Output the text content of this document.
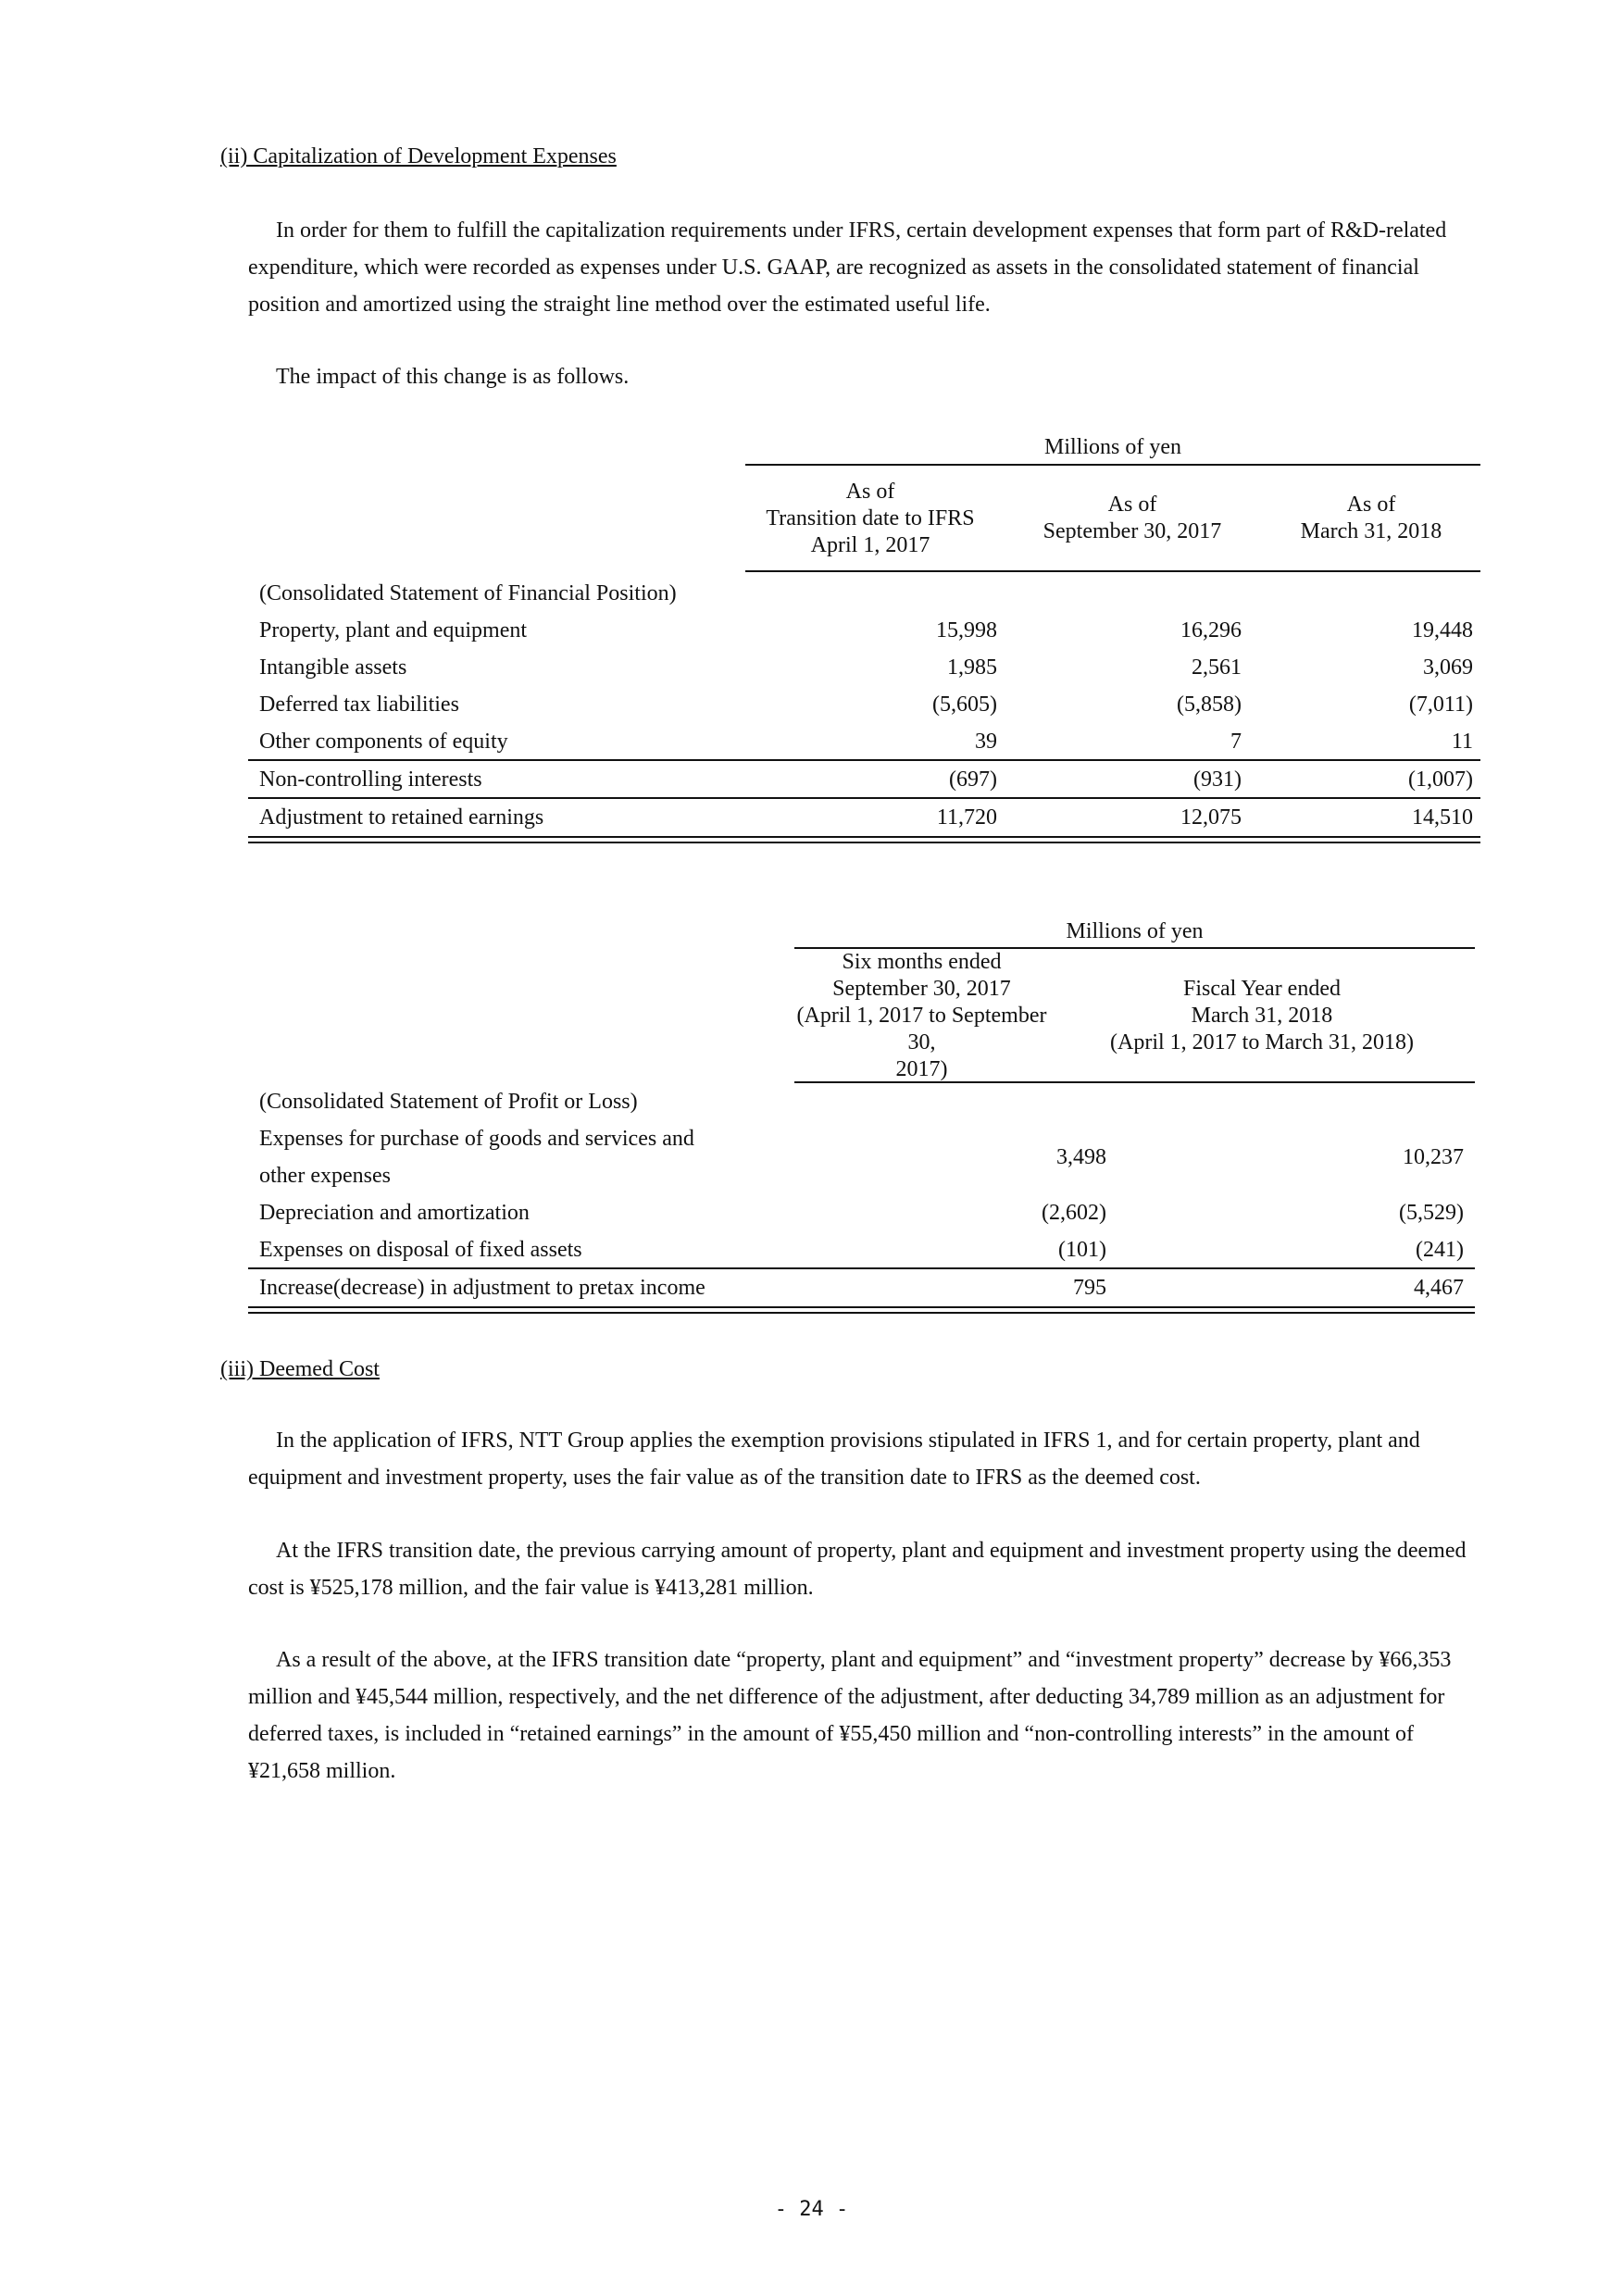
(ii) Capitalization of Development Expenses
In order for them to fulfill the capitalization requirements under IFRS, certain development expenses that form part of R&D-related expenditure, which were recorded as expenses under U.S. GAAP, are recognized as assets in the consolidated statement of financial position and amortized using the straight line method over the estimated useful life.
The impact of this change is as follows.
Millions of yen
As of
Transition date to IFRS
April 1, 2017
As of
September 30, 2017
As of
March 31, 2018
(Consolidated Statement of Financial Position)
Property, plant and equipment	15,998	16,296	19,448
Intangible assets	1,985	2,561	3,069
Deferred tax liabilities	(5,605)	(5,858)	(7,011)
Other components of equity	39	7	11
Non-controlling interests	(697)	(931)	(1,007)
Adjustment to retained earnings	11,720	12,075	14,510
Millions of yen
Six months ended
September 30, 2017
(April 1, 2017 to September 30,
2017)
Fiscal Year ended
March 31, 2018
(April 1, 2017 to March 31, 2018)
(Consolidated Statement of Profit or Loss)
Expenses for purchase of goods and services and
other expenses
3,498	10,237
Depreciation and amortization	(2,602)	(5,529)
Expenses on disposal of fixed assets	(101)	(241)
Increase(decrease) in adjustment to pretax income	795	4,467
(iii) Deemed Cost
In the application of IFRS, NTT Group applies the exemption provisions stipulated in IFRS 1, and for certain property, plant and equipment and investment property, uses the fair value as of the transition date to IFRS as the deemed cost.
At the IFRS transition date, the previous carrying amount of property, plant and equipment and investment property using the deemed cost is ¥525,178 million, and the fair value is ¥413,281 million.
As a result of the above, at the IFRS transition date “property, plant and equipment” and “investment property” decrease by ¥66,353 million and ¥45,544 million, respectively, and the net difference of the adjustment, after deducting 34,789 million as an adjustment for deferred taxes, is included in “retained earnings” in the amount of ¥55,450 million and “non-controlling interests” in the amount of ¥21,658 million.
- 24 -
